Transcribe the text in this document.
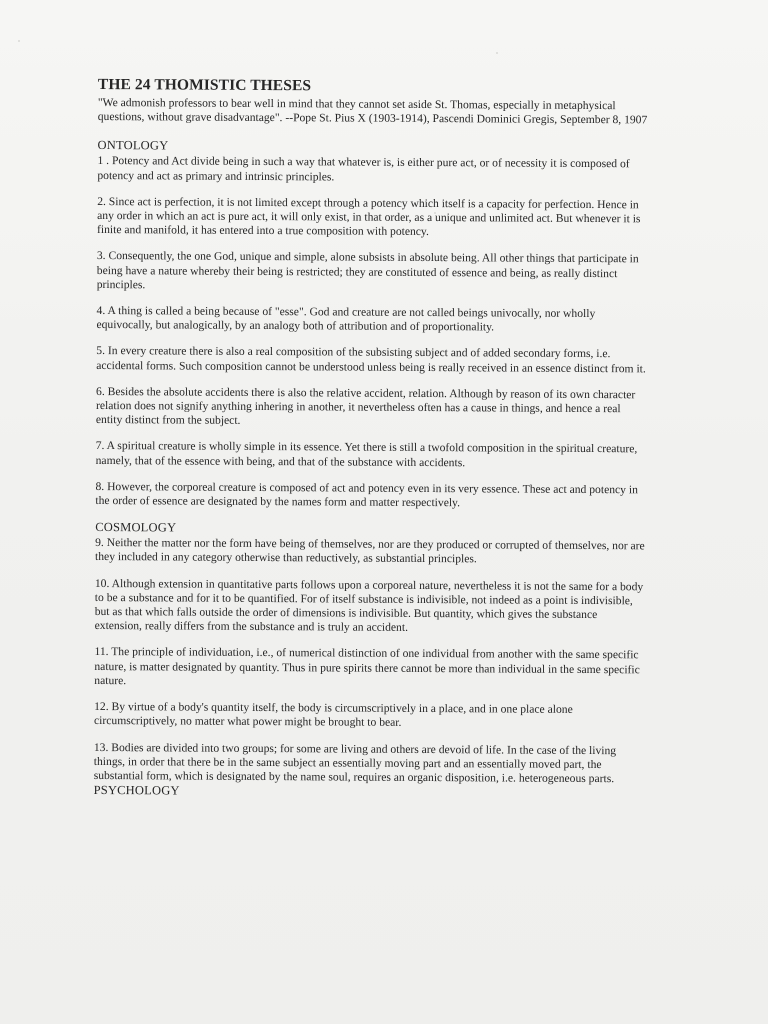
THE 24 THOMISTIC THESES
"We admonish professors to bear well in mind that they cannot set aside St. Thomas, especially in metaphysical questions, without grave disadvantage". --Pope St. Pius X (1903-1914), Pascendi Dominici Gregis, September 8, 1907
ONTOLOGY
1 . Potency and Act divide being in such a way that whatever is, is either pure act, or of necessity it is composed of potency and act as primary and intrinsic principles.
2. Since act is perfection, it is not limited except through a potency which itself is a capacity for perfection. Hence in any order in which an act is pure act, it will only exist, in that order, as a unique and unlimited act. But whenever it is finite and manifold, it has entered into a true composition with potency.
3. Consequently, the one God, unique and simple, alone subsists in absolute being. All other things that participate in being have a nature whereby their being is restricted; they are constituted of essence and being, as really distinct principles.
4. A thing is called a being because of "esse". God and creature are not called beings univocally, nor wholly equivocally, but analogically, by an analogy both of attribution and of proportionality.
5. In every creature there is also a real composition of the subsisting subject and of added secondary forms, i.e. accidental forms. Such composition cannot be understood unless being is really received in an essence distinct from it.
6. Besides the absolute accidents there is also the relative accident, relation. Although by reason of its own character relation does not signify anything inhering in another, it nevertheless often has a cause in things, and hence a real entity distinct from the subject.
7. A spiritual creature is wholly simple in its essence. Yet there is still a twofold composition in the spiritual creature, namely, that of the essence with being, and that of the substance with accidents.
8. However, the corporeal creature is composed of act and potency even in its very essence. These act and potency in the order of essence are designated by the names form and matter respectively.
COSMOLOGY
9. Neither the matter nor the form have being of themselves, nor are they produced or corrupted of themselves, nor are they included in any category otherwise than reductively, as substantial principles.
10. Although extension in quantitative parts follows upon a corporeal nature, nevertheless it is not the same for a body to be a substance and for it to be quantified. For of itself substance is indivisible, not indeed as a point is indivisible, but as that which falls outside the order of dimensions is indivisible. But quantity, which gives the substance extension, really differs from the substance and is truly an accident.
11. The principle of individuation, i.e., of numerical distinction of one individual from another with the same specific nature, is matter designated by quantity. Thus in pure spirits there cannot be more than individual in the same specific nature.
12. By virtue of a body's quantity itself, the body is circumscriptively in a place, and in one place alone circumscriptively, no matter what power might be brought to bear.
13. Bodies are divided into two groups; for some are living and others are devoid of life. In the case of the living things, in order that there be in the same subject an essentially moving part and an essentially moved part, the substantial form, which is designated by the name soul, requires an organic disposition, i.e. heterogeneous parts.
PSYCHOLOGY
